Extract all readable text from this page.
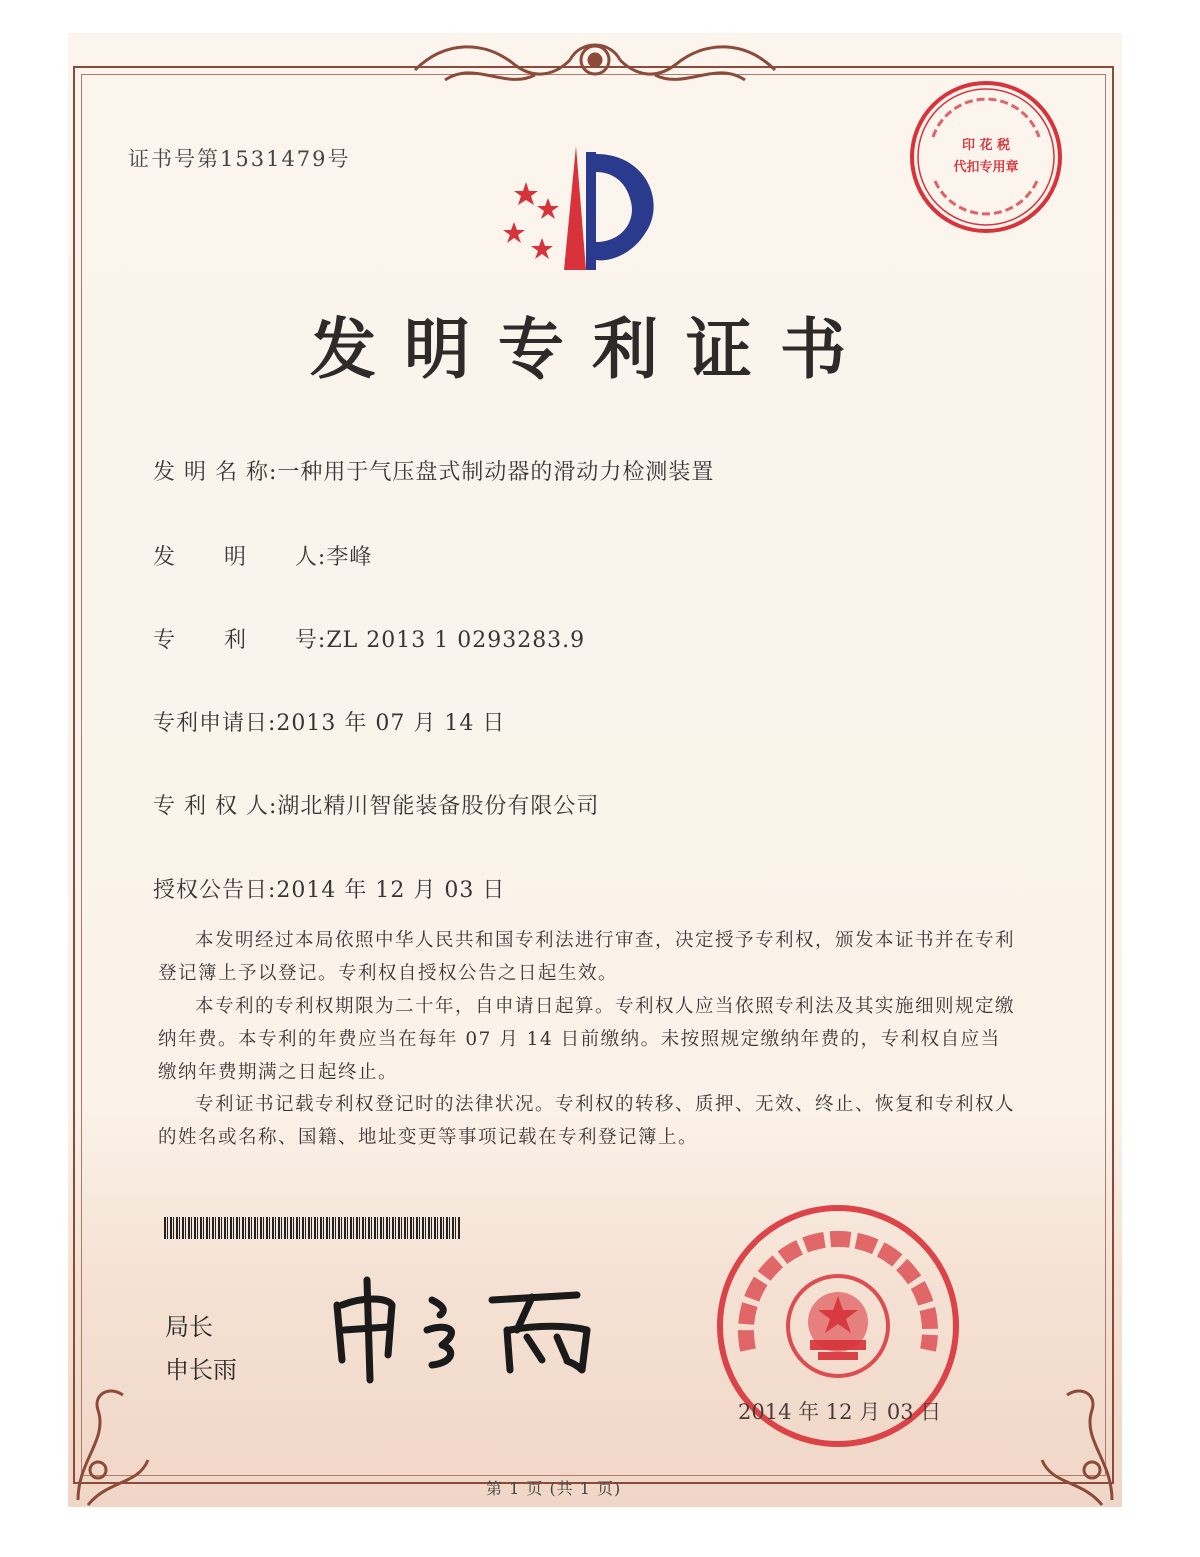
证书号第1531479号
印 花 税
代扣专用章
发明专利证书
发 明 名 称:一种用于气压盘式制动器的滑动力检测装置
发      明      人:李峰
专      利      号:ZL 2013 1 0293283.9
专利申请日:2013 年 07 月 14 日
专 利 权 人:湖北精川智能装备股份有限公司
授权公告日:2014 年 12 月 03 日
本发明经过本局依照中华人民共和国专利法进行审查，决定授予专利权，颁发本证书并在专利登记簿上予以登记。专利权自授权公告之日起生效。
本专利的专利权期限为二十年，自申请日起算。专利权人应当依照专利法及其实施细则规定缴纳年费。本专利的年费应当在每年 07 月 14 日前缴纳。未按照规定缴纳年费的，专利权自应当缴纳年费期满之日起终止。
专利证书记载专利权登记时的法律状况。专利权的转移、质押、无效、终止、恢复和专利权人的姓名或名称、国籍、地址变更等事项记载在专利登记簿上。
局长
申长雨
2014 年 12 月 03 日
第 1 页 (共 1 页)
